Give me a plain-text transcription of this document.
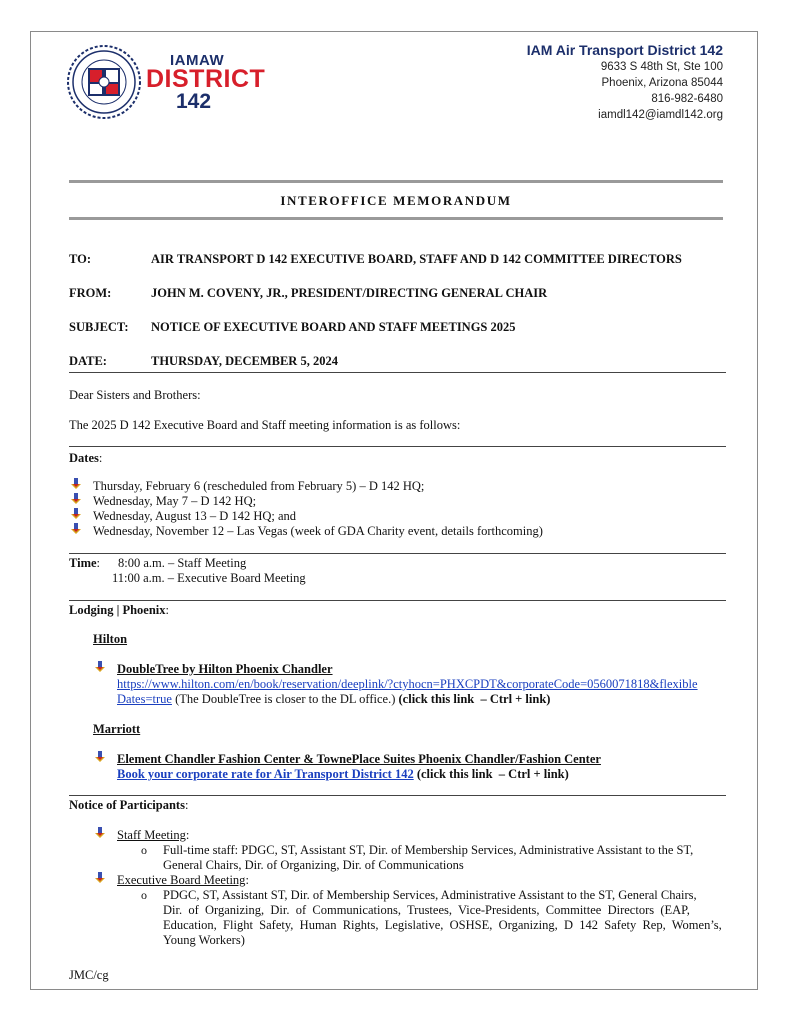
IAMAW
DISTRICT
142
IAM Air Transport District 142
9633 S 48th St, Ste 100
Phoenix, Arizona 85044
816-982-6480
iamdl142@iamdl142.org
INTEROFFICE MEMORANDUM
TO:	AIR TRANSPORT D 142 EXECUTIVE BOARD, STAFF AND D 142 COMMITTEE DIRECTORS
FROM:	JOHN M. COVENY, JR., PRESIDENT/DIRECTING GENERAL CHAIR
SUBJECT: NOTICE OF EXECUTIVE BOARD AND STAFF MEETINGS 2025
DATE:	THURSDAY, DECEMBER 5, 2024
Dear Sisters and Brothers:
The 2025 D 142 Executive Board and Staff meeting information is as follows:
Dates:
Thursday, February 6 (rescheduled from February 5) – D 142 HQ;
Wednesday, May 7 – D 142 HQ;
Wednesday, August 13 – D 142 HQ; and
Wednesday, November 12 – Las Vegas (week of GDA Charity event, details forthcoming)
Time: 8:00 a.m. – Staff Meeting
11:00 a.m. – Executive Board Meeting
Lodging | Phoenix:
Hilton
DoubleTree by Hilton Phoenix Chandler
https://www.hilton.com/en/book/reservation/deeplink/?ctyhocn=PHXCPDT&corporateCode=0560071818&flexible
Dates=true (The DoubleTree is closer to the DL office.) (click this link  – Ctrl + link)
Marriott
Element Chandler Fashion Center & TownePlace Suites Phoenix Chandler/Fashion Center
Book your corporate rate for Air Transport District 142 (click this link  – Ctrl + link)
Notice of Participants:
Staff Meeting:
o Full-time staff: PDGC, ST, Assistant ST, Dir. of Membership Services, Administrative Assistant to the ST,
General Chairs, Dir. of Organizing, Dir. of Communications
Executive Board Meeting:
o PDGC, ST, Assistant ST, Dir. of Membership Services, Administrative Assistant to the ST, General Chairs,
Dir.  of  Organizing,  Dir.  of  Communications,  Trustees,  Vice-Presidents,  Committee  Directors  (EAP,
Education,  Flight  Safety,  Human  Rights,  Legislative,  OSHSE,  Organizing,  D  142  Safety  Rep,  Women’s,
Young Workers)
JMC/cg
